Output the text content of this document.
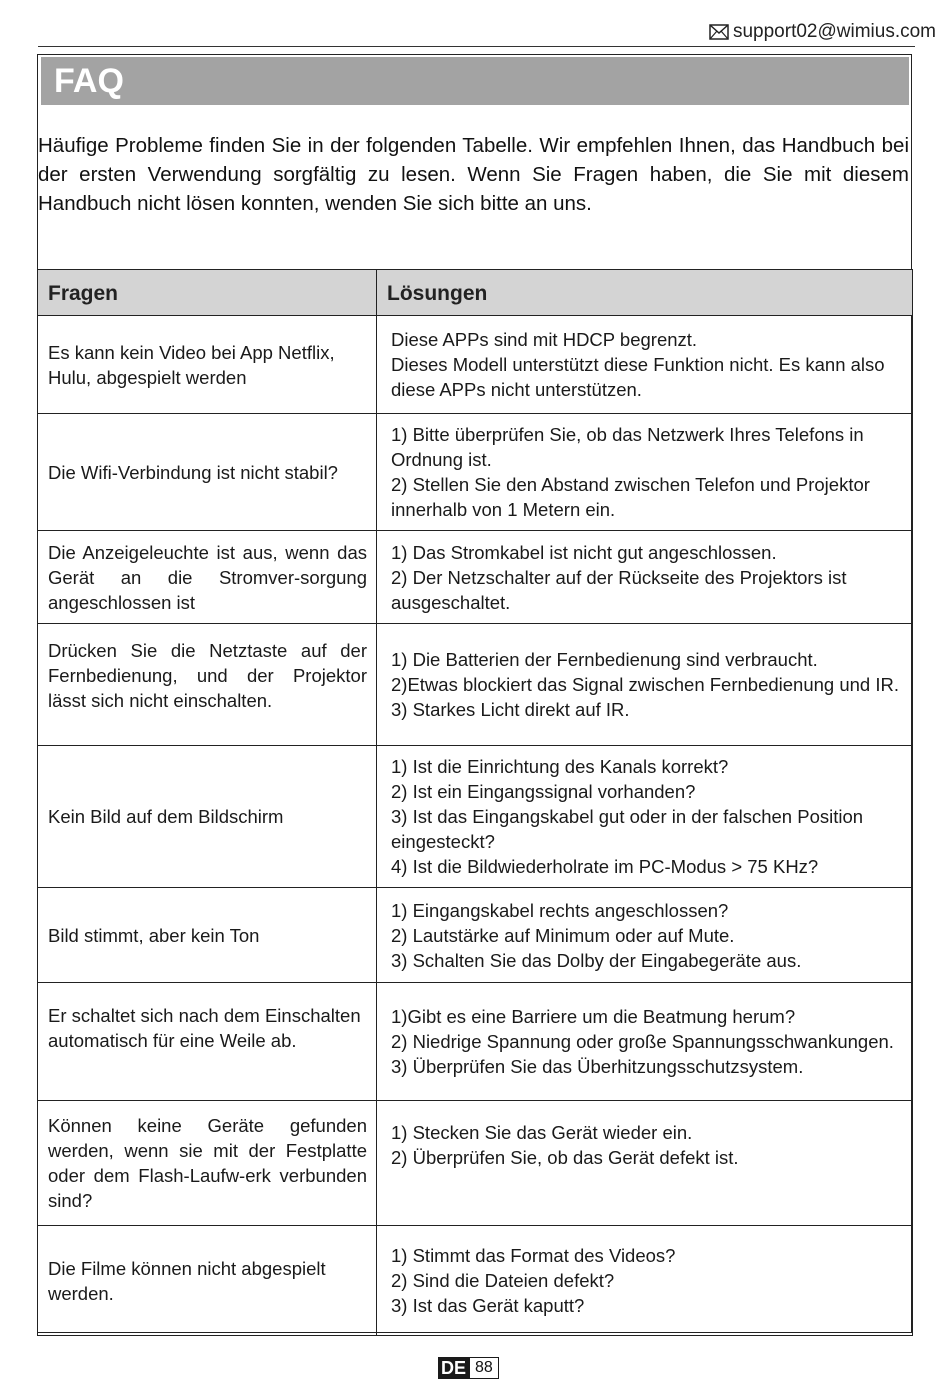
support02@wimius.com
FAQ

Häufige Probleme finden Sie in der folgenden Tabelle. Wir empfehlen Ihnen, das Handbuch bei der ersten Verwendung sorgfältig zu lesen. Wenn Sie Fragen haben, die Sie mit diesem Handbuch nicht lösen konnten, wenden Sie sich bitte an uns.

Fragen	Lösungen
Es kann kein Video bei App Netflix, Hulu, abgespielt werden	Diese APPs sind mit HDCP begrenzt.
Dieses Modell unterstützt diese Funktion nicht. Es kann also diese APPs nicht unterstützen.

Die Wifi-Verbindung ist nicht stabil?	1) Bitte überprüfen Sie, ob das Netzwerk Ihres Telefons in Ordnung ist.
2) Stellen Sie den Abstand zwischen Telefon und Projektor innerhalb von 1 Metern ein.

Die Anzeigeleuchte ist aus, wenn das Gerät an die Stromver-sorgung angeschlossen ist	1) Das Stromkabel ist nicht gut angeschlossen.
2) Der Netzschalter auf der Rückseite des Projektors ist ausgeschaltet.

Drücken Sie die Netztaste auf der Fernbedienung, und der Projektor lässt sich nicht einschalten.	1) Die Batterien der Fernbedienung sind verbraucht.
2)Etwas blockiert das Signal zwischen Fernbedienung und IR.
3) Starkes Licht direkt auf IR.

Kein Bild auf dem Bildschirm	1) Ist die Einrichtung des Kanals korrekt?
2) Ist ein Eingangssignal vorhanden?
3) Ist das Eingangskabel gut oder in der falschen Position eingesteckt?
4) Ist die Bildwiederholrate im PC-Modus > 75 KHz?

Bild stimmt, aber kein Ton	1) Eingangskabel rechts angeschlossen?
2) Lautstärke auf Minimum oder auf Mute.
3) Schalten Sie das Dolby der Eingabegeräte aus.

Er schaltet sich nach dem Einschalten automatisch für eine Weile ab.	1)Gibt es eine Barriere um die Beatmung herum?
2) Niedrige Spannung oder große Spannungsschwankungen.
3) Überprüfen Sie das Überhitzungsschutzsystem.

Können keine Geräte gefunden werden, wenn sie mit der Festplatte oder dem Flash-Laufw-erk verbunden sind?	1) Stecken Sie das Gerät wieder ein.
2) Überprüfen Sie, ob das Gerät defekt ist.

Die Filme können nicht abgespielt werden.	1) Stimmt das Format des Videos?
2) Sind die Dateien defekt?
3) Ist das Gerät kaputt?
DE 88
